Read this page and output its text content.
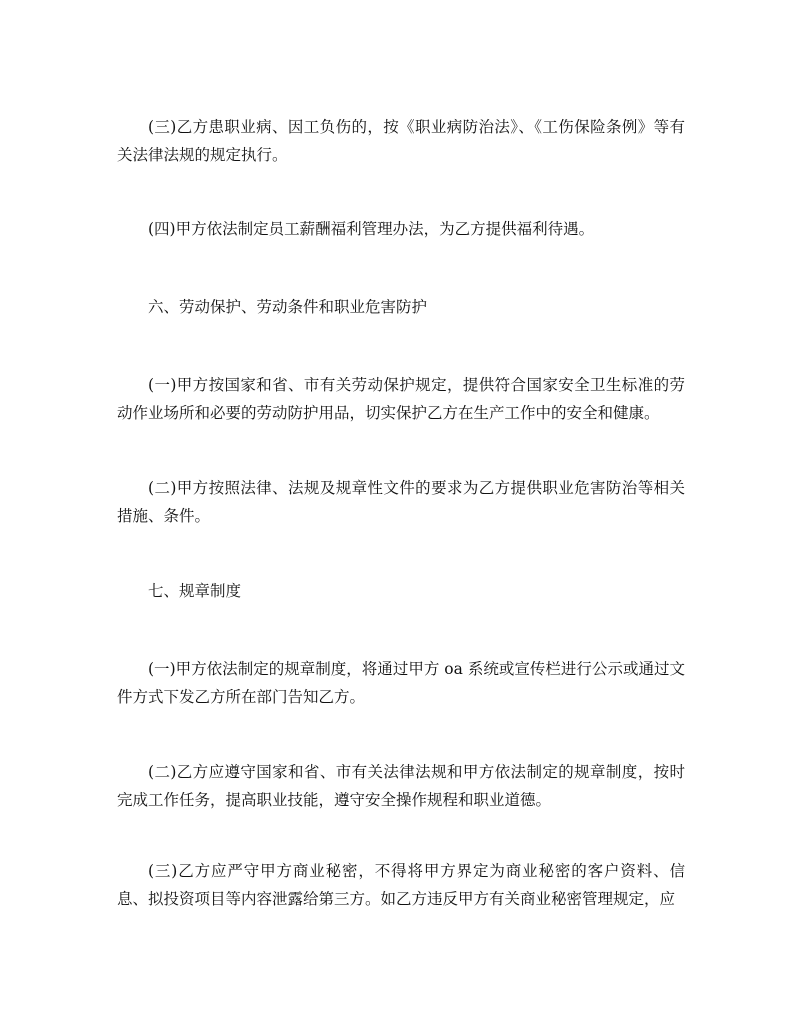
(三)乙方患职业病、因工负伤的，按《职业病防治法》、《工伤保险条例》等有关法律法规的规定执行。

(四)甲方依法制定员工薪酬福利管理办法，为乙方提供福利待遇。

六、劳动保护、劳动条件和职业危害防护

(一)甲方按国家和省、市有关劳动保护规定，提供符合国家安全卫生标准的劳动作业场所和必要的劳动防护用品，切实保护乙方在生产工作中的安全和健康。

(二)甲方按照法律、法规及规章性文件的要求为乙方提供职业危害防治等相关措施、条件。

七、规章制度

(一)甲方依法制定的规章制度，将通过甲方 oa 系统或宣传栏进行公示或通过文件方式下发乙方所在部门告知乙方。

(二)乙方应遵守国家和省、市有关法律法规和甲方依法制定的规章制度，按时完成工作任务，提高职业技能，遵守安全操作规程和职业道德。

(三)乙方应严守甲方商业秘密，不得将甲方界定为商业秘密的客户资料、信息、拟投资项目等内容泄露给第三方。如乙方违反甲方有关商业秘密管理规定，应
